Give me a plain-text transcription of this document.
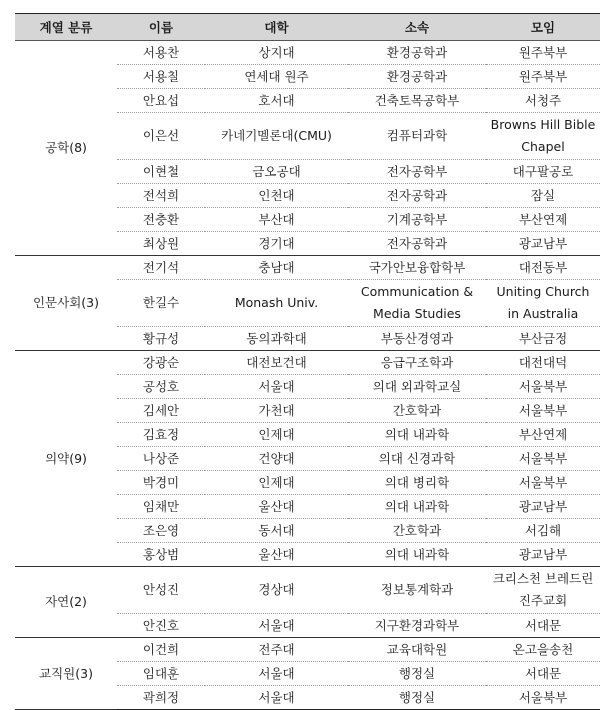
계열 분류	이름	대학	소속	모임
공학(8)	서용찬	상지대	환경공학과	원주북부
	서용칠	연세대 원주	환경공학과	원주북부
	안요섭	호서대	건축토목공학부	서청주
	이은선	카네기멜론대(CMU)	컴퓨터과학	Browns Hill Bible Chapel
	이현철	금오공대	전자공학부	대구팔공로
	전석희	인천대	전자공학과	잠실
	전충환	부산대	기계공학부	부산연제
	최상원	경기대	전자공학과	광교남부
인문사회(3)	전기석	충남대	국가안보융합학부	대전동부
	한길수	Monash Univ.	Communication & Media Studies	Uniting Church in Australia
	황규성	동의과학대	부동산경영과	부산금정
의약(9)	강광순	대전보건대	응급구조학과	대전대덕
	공성호	서울대	의대 외과학교실	서울북부
	김세안	가천대	간호학과	서울북부
	김효정	인제대	의대 내과학	부산연제
	나상준	건양대	의대 신경과학	서울북부
	박경미	인제대	의대 병리학	서울북부
	임채만	울산대	의대 내과학	광교남부
	조은영	동서대	간호학과	서김해
	홍상범	울산대	의대 내과학	광교남부
자연(2)	안성진	경상대	정보통계학과	크리스천 브레드린 진주교회
	안진호	서울대	지구환경과학부	서대문
교직원(3)	이건희	전주대	교육대학원	온고을송천
	임대훈	서울대	행정실	서대문
	곽희정	서울대	행정실	서울북부
